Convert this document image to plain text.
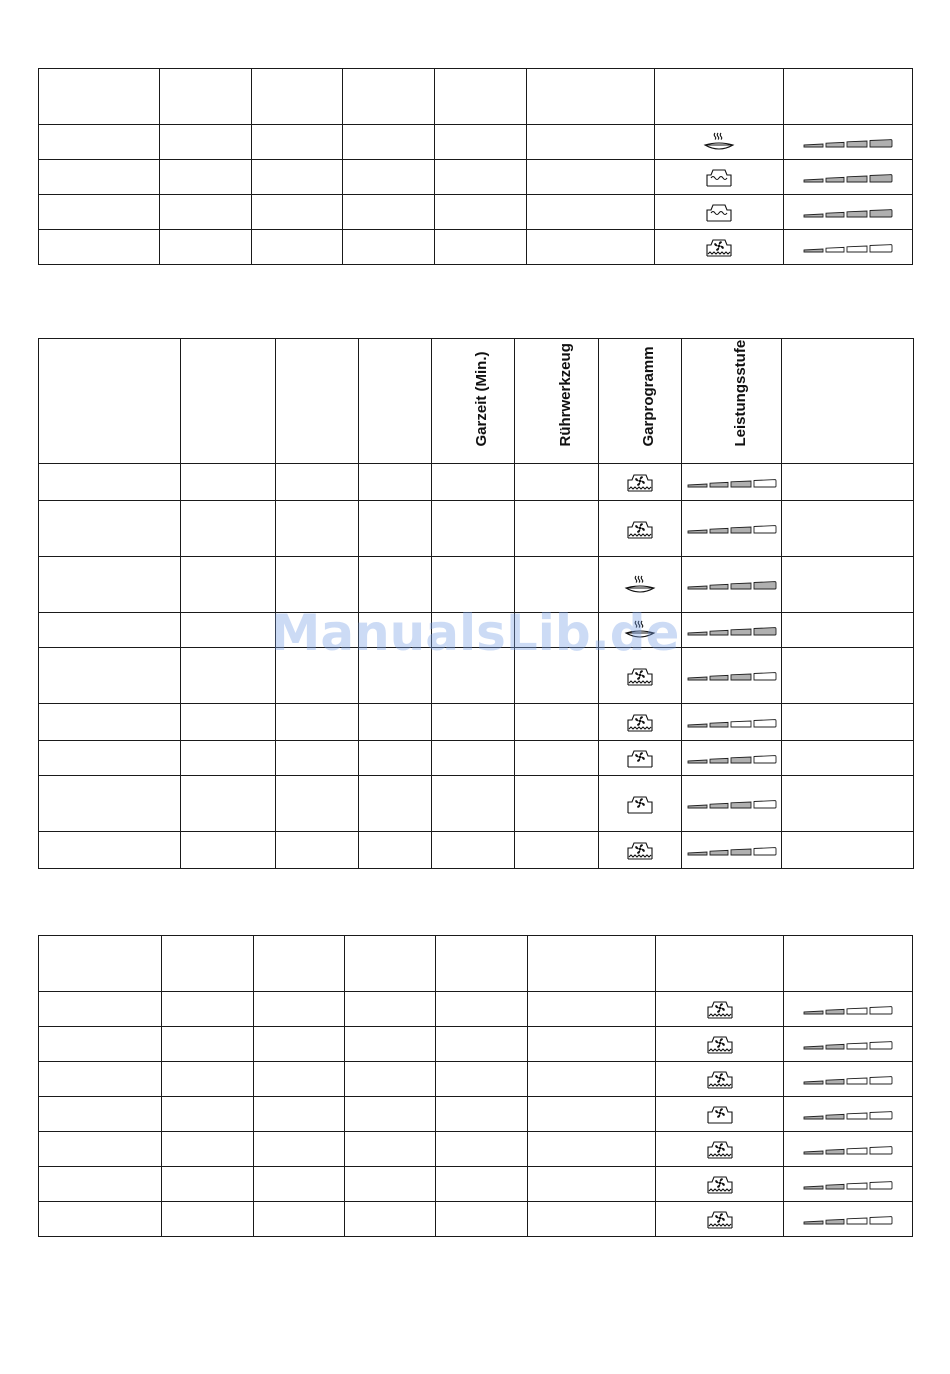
				Garzeit (Min.)	Rührwerkzeug	Garprogramm	Leistungsstufe	

ManualsLib.de
